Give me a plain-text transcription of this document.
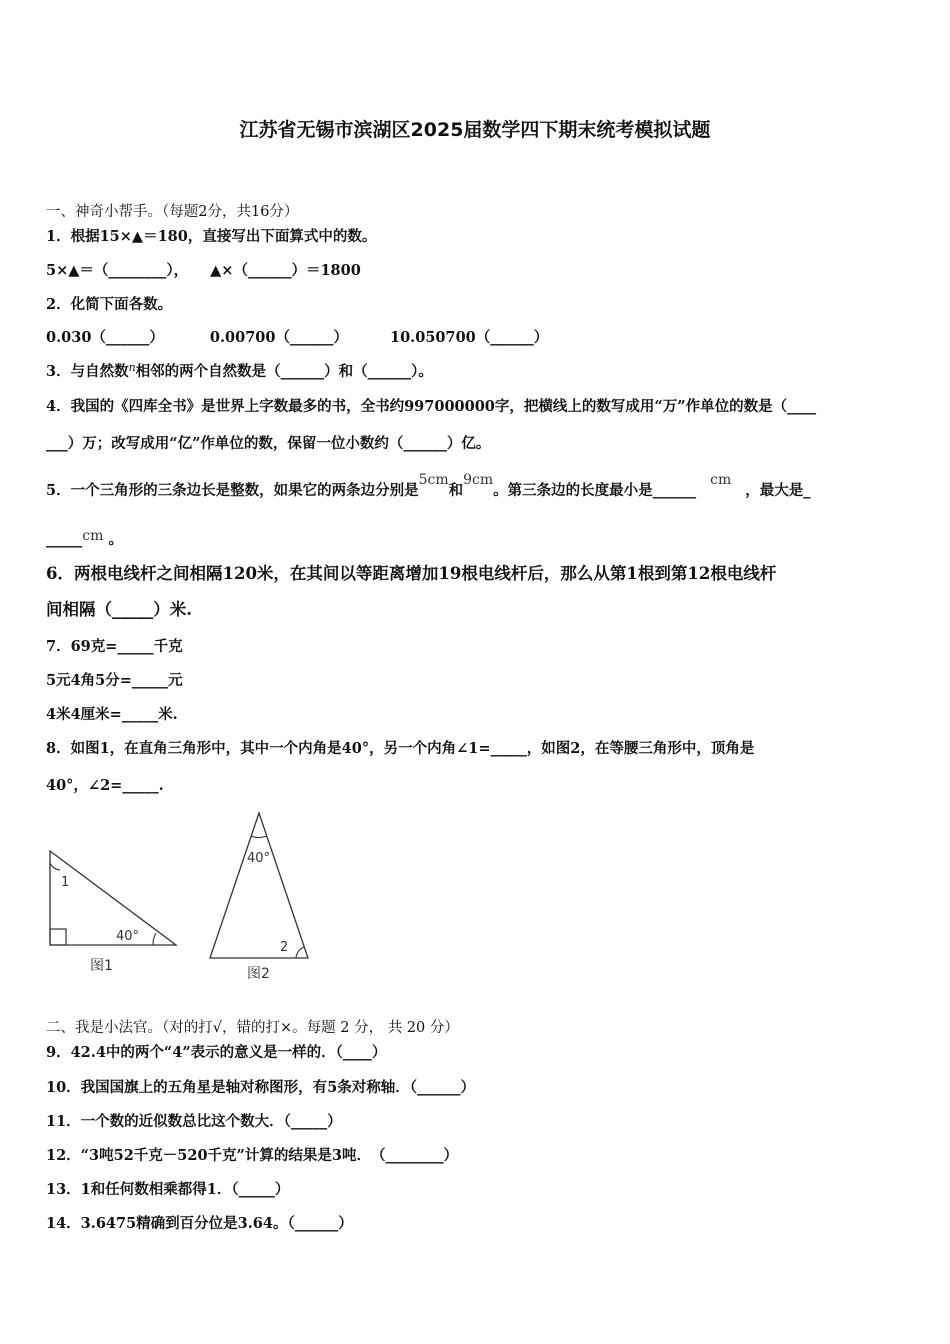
江苏省无锡市滨湖区2025届数学四下期末统考模拟试题
一、神奇小帮手。（每题2分，共16分）
1．根据15×▲＝180，直接写出下面算式中的数。
5×▲＝（________）， ▲×（______）＝1800
2．化简下面各数。
0.030（______）	0.00700（______）	10.050700（______）
3．与自然数$^n$相邻的两个自然数是（______）和（______）。
4．我国的《四库全书》是世界上字数最多的书，全书约997000000字，把横线上的数写成用“万”作单位的数是（____
___）万；改写成用“亿”作单位的数，保留一位小数约（______）亿。
5．一个三角形的三条边长是整数，如果它的两条边分别是5cm和9cm。第三条边的长度最小是______cm，最大是_
_____cm 。
6．两根电线杆之间相隔120米，在其间以等距离增加19根电线杆后，那么从第1根到第12根电线杆
间相隔（_____）米.
7．69克=_____千克
5元4角5分=_____元
4米4厘米=_____米.
8．如图1，在直角三角形中，其中一个内角是40°，另一个内角∠1=_____，如图2，在等腰三角形中，顶角是
40°，∠2=_____.
1
40°
图1
40°
2
图2
二、我是小法官。（对的打√，错的打×。每题 2 分， 共 20 分）
9．42.4中的两个“4”表示的意义是一样的．（____）
10．我国国旗上的五角星是轴对称图形，有5条对称轴．（______）
11．一个数的近似数总比这个数大．（_____）
12．“3吨52千克－520千克”计算的结果是3吨．　（________）
13．1和任何数相乘都得1．（_____）
14．3.6475精确到百分位是3.64。（______）
